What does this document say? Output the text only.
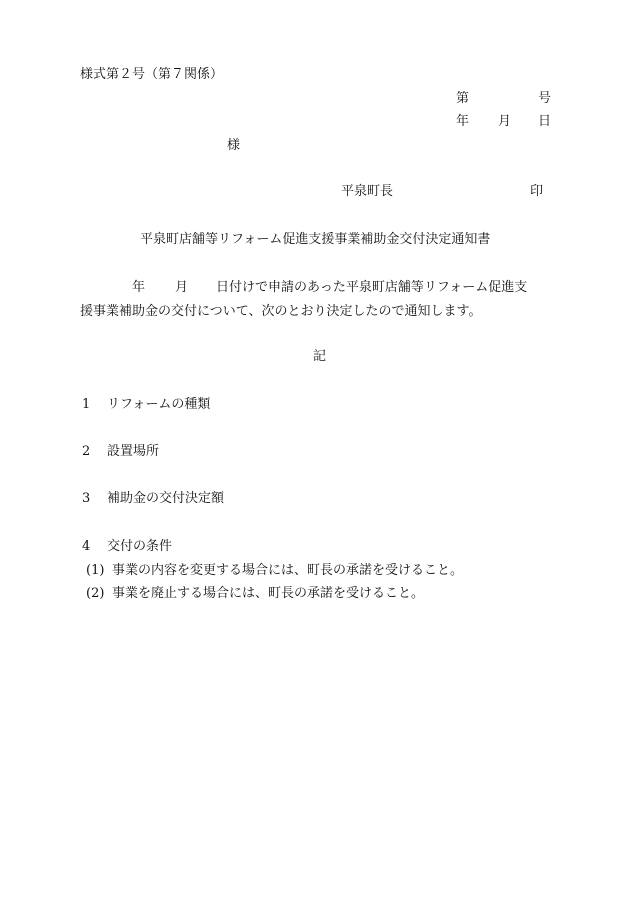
様式第２号（第７関係）
第	号
年 月 日
様
平泉町長	印
平泉町店舗等リフォーム促進支援事業補助金交付決定通知書
年 月 日付けで申請のあった平泉町店舗等リフォーム促進支
援事業補助金の交付について、次のとおり決定したので通知します。
記
1 リフォームの種類
2 設置場所
3 補助金の交付決定額
4 交付の条件
(1) 事業の内容を変更する場合には、町長の承諾を受けること。
(2) 事業を廃止する場合には、町長の承諾を受けること。
